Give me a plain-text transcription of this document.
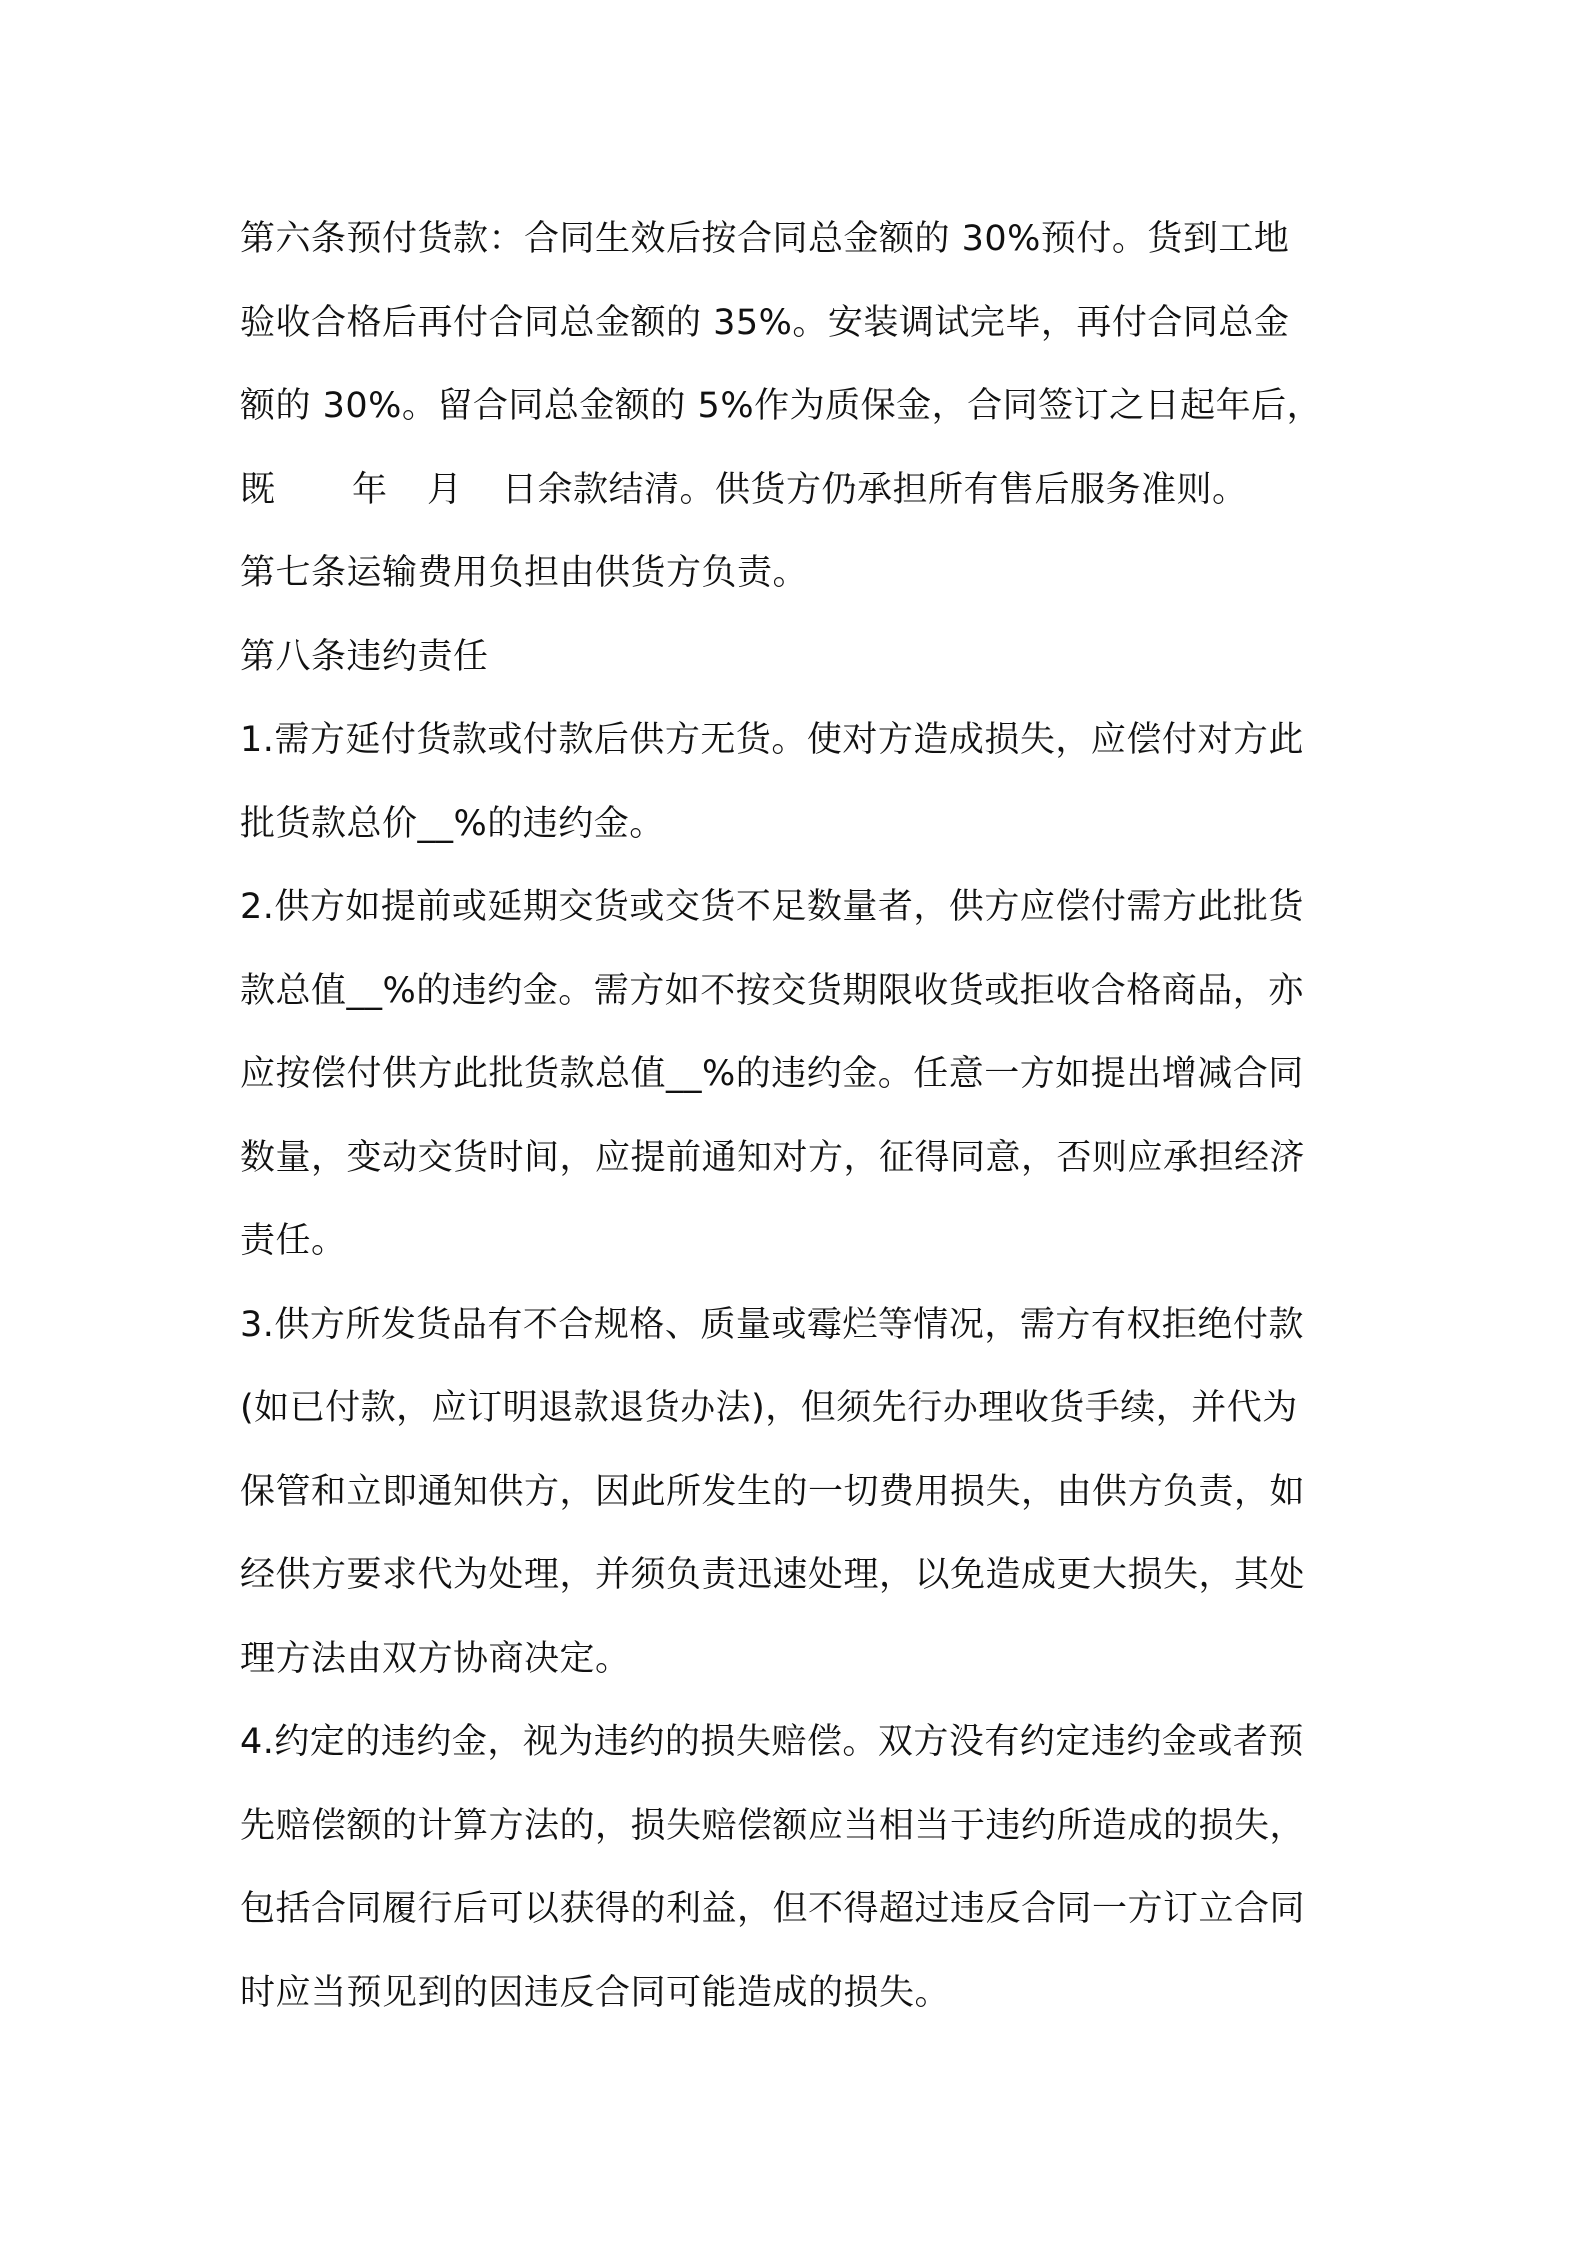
第六条预付货款：合同生效后按合同总金额的 30%预付。货到工地
验收合格后再付合同总金额的 35%。安装调试完毕，再付合同总金
额的 30%。留合同总金额的 5%作为质保金，合同签订之日起年后，
既 年 月 日余款结清。供货方仍承担所有售后服务准则。
第七条运输费用负担由供货方负责。
第八条违约责任
1.需方延付货款或付款后供方无货。使对方造成损失，应偿付对方此
批货款总价__%的违约金。
2.供方如提前或延期交货或交货不足数量者，供方应偿付需方此批货
款总值__%的违约金。需方如不按交货期限收货或拒收合格商品，亦
应按偿付供方此批货款总值__%的违约金。任意一方如提出增减合同
数量，变动交货时间，应提前通知对方，征得同意，否则应承担经济
责任。
3.供方所发货品有不合规格、质量或霉烂等情况，需方有权拒绝付款
(如已付款，应订明退款退货办法)，但须先行办理收货手续，并代为
保管和立即通知供方，因此所发生的一切费用损失，由供方负责，如
经供方要求代为处理，并须负责迅速处理，以免造成更大损失，其处
理方法由双方协商决定。
4.约定的违约金，视为违约的损失赔偿。双方没有约定违约金或者预
先赔偿额的计算方法的，损失赔偿额应当相当于违约所造成的损失，
包括合同履行后可以获得的利益，但不得超过违反合同一方订立合同
时应当预见到的因违反合同可能造成的损失。
